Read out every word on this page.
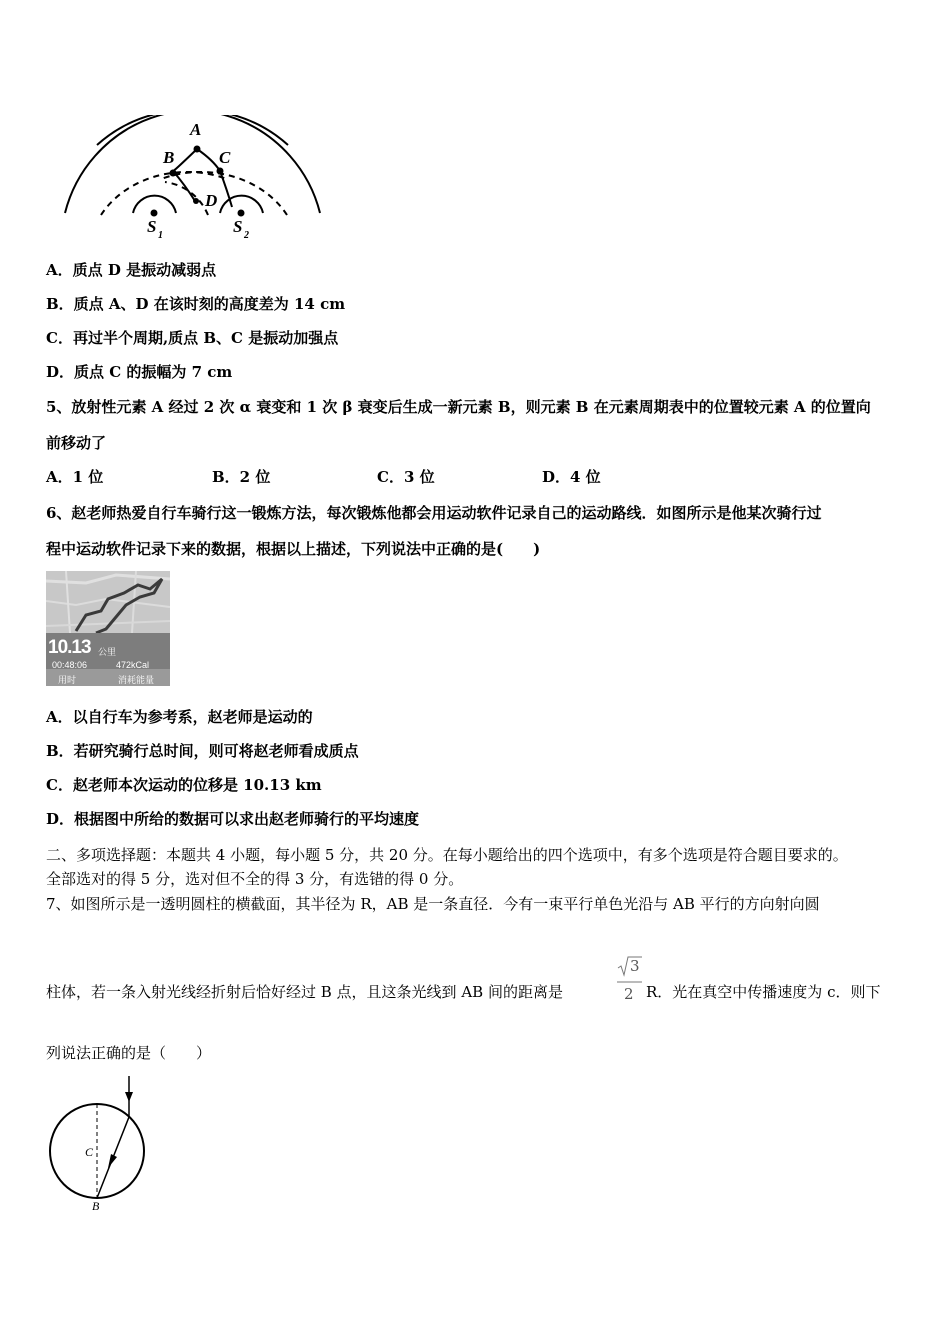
A
B	C
D
S 1	S 2
A．质点 D 是振动减弱点
B．质点 A、D 在该时刻的高度差为 14 cm
C．再过半个周期,质点 B、C 是振动加强点
D．质点 C 的振幅为 7 cm
5、放射性元素 A 经过 2 次 α 衰变和 1 次 β 衰变后生成一新元素 B，则元素 B 在元素周期表中的位置较元素 A 的位置向
前移动了
A．1 位	B．2 位	C．3 位	D．4 位
6、赵老师热爱自行车骑行这一锻炼方法，每次锻炼他都会用运动软件记录自己的运动路线．如图所示是他某次骑行过
程中运动软件记录下来的数据，根据以上描述，下列说法中正确的是(　　)
10.13 公里
00:48:06	472kCal
用时	消耗能量
A．以自行车为参考系，赵老师是运动的
B．若研究骑行总时间，则可将赵老师看成质点
C．赵老师本次运动的位移是 10.13 km
D．根据图中所给的数据可以求出赵老师骑行的平均速度
二、多项选择题：本题共 4 小题，每小题 5 分，共 20 分。在每小题给出的四个选项中，有多个选项是符合题目要求的。
全部选对的得 5 分，选对但不全的得 3 分，有选错的得 0 分。
7、如图所示是一透明圆柱的横截面，其半径为 R，AB 是一条直径．今有一束平行单色光沿与 AB 平行的方向射向圆
柱体，若一条入射光线经折射后恰好经过 B 点，且这条光线到 AB 间的距离是
3
2 R．光在真空中传播速度为 c．则下
列说法正确的是（　　）
C
B
